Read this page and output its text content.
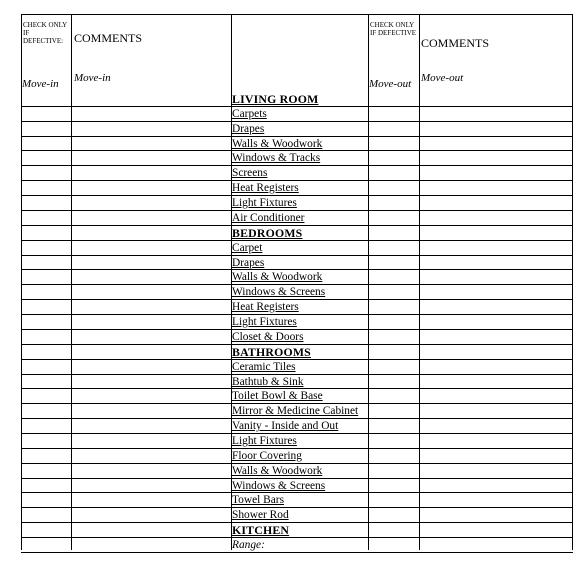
CHECK ONLY IF DEFECTIVE: COMMENTS
CHECK ONLY IF DEFECTIVE
COMMENTS
Move-in Move-in	Move-out Move-out
LIVING ROOM
Carpets
Drapes
Walls & Woodwork
Windows & Tracks
Screens
Heat Registers
Light Fixtures
Air Conditioner
BEDROOMS
Carpet
Drapes
Walls & Woodwork
Windows & Screens
Heat Registers
Light Fixtures
Closet & Doors
BATHROOMS
Ceramic Tiles
Bathtub & Sink
Toilet Bowl & Base
Mirror & Medicine Cabinet
Vanity - Inside and Out
Light Fixtures
Floor Covering
Walls & Woodwork
Windows & Screens
Towel Bars
Shower Rod
KITCHEN
Range:
